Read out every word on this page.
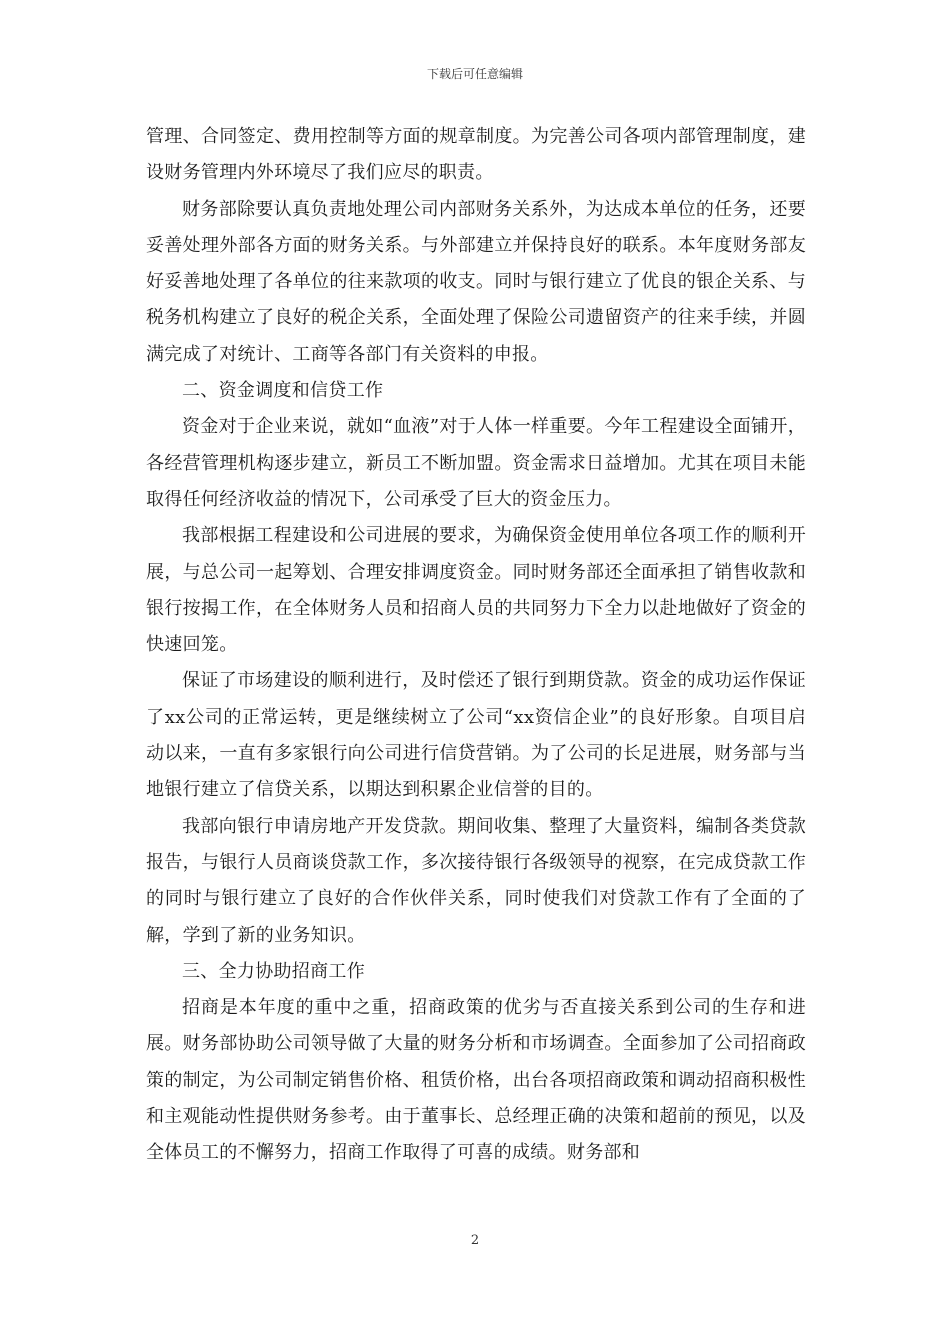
下载后可任意编辑

管理、合同签定、费用控制等方面的规章制度。为完善公司各项内部管理制度，建设财务管理内外环境尽了我们应尽的职责。

财务部除要认真负责地处理公司内部财务关系外，为达成本单位的任务，还要妥善处理外部各方面的财务关系。与外部建立并保持良好的联系。本年度财务部友好妥善地处理了各单位的往来款项的收支。同时与银行建立了优良的银企关系、与税务机构建立了良好的税企关系，全面处理了保险公司遗留资产的往来手续，并圆满完成了对统计、工商等各部门有关资料的申报。

二、资金调度和信贷工作

资金对于企业来说，就如“血液”对于人体一样重要。今年工程建设全面铺开，各经营管理机构逐步建立，新员工不断加盟。资金需求日益增加。尤其在项目未能取得任何经济收益的情况下，公司承受了巨大的资金压力。

我部根据工程建设和公司进展的要求，为确保资金使用单位各项工作的顺利开展，与总公司一起筹划、合理安排调度资金。同时财务部还全面承担了销售收款和银行按揭工作，在全体财务人员和招商人员的共同努力下全力以赴地做好了资金的快速回笼。

保证了市场建设的顺利进行，及时偿还了银行到期贷款。资金的成功运作保证了xx公司的正常运转，更是继续树立了公司“xx资信企业”的良好形象。自项目启动以来，一直有多家银行向公司进行信贷营销。为了公司的长足进展，财务部与当地银行建立了信贷关系，以期达到积累企业信誉的目的。

我部向银行申请房地产开发贷款。期间收集、整理了大量资料，编制各类贷款报告，与银行人员商谈贷款工作，多次接待银行各级领导的视察，在完成贷款工作的同时与银行建立了良好的合作伙伴关系，同时使我们对贷款工作有了全面的了解，学到了新的业务知识。

三、全力协助招商工作

招商是本年度的重中之重，招商政策的优劣与否直接关系到公司的生存和进展。财务部协助公司领导做了大量的财务分析和市场调查。全面参加了公司招商政策的制定，为公司制定销售价格、租赁价格，出台各项招商政策和调动招商积极性和主观能动性提供财务参考。由于董事长、总经理正确的决策和超前的预见，以及全体员工的不懈努力，招商工作取得了可喜的成绩。财务部和

2
